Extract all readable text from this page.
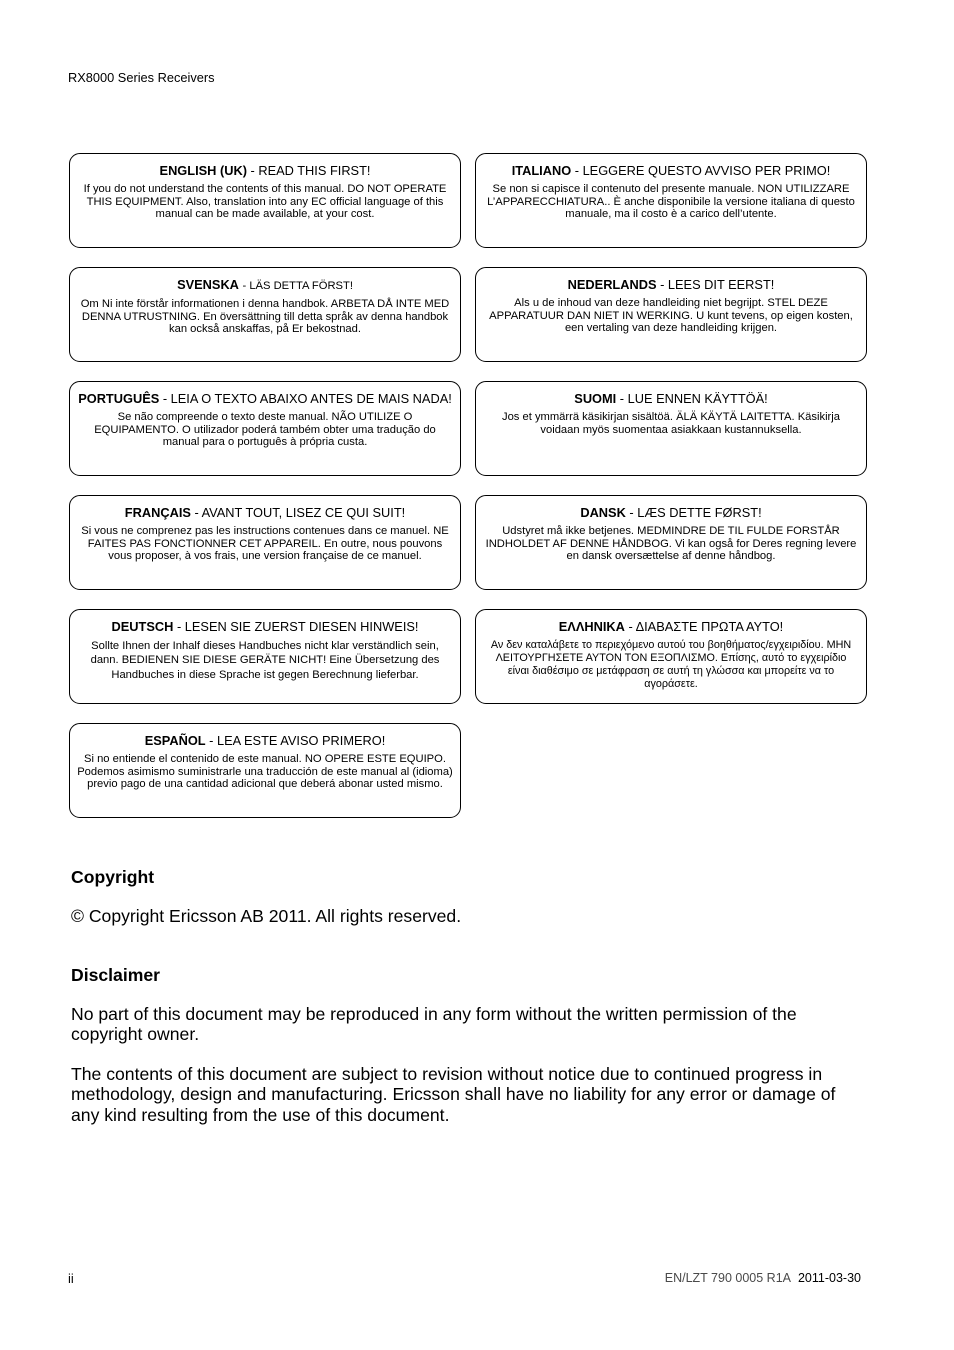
RX8000 Series Receivers
ENGLISH (UK) - READ THIS FIRST!
If you do not understand the contents of this manual. DO NOT OPERATE
THIS EQUIPMENT. Also, translation into any EC official language of this
manual can be made available, at your cost.
ITALIANO - LEGGERE QUESTO AVVISO PER PRIMO!
Se non si capisce il contenuto del presente manuale. NON UTILIZZARE
L’APPARECCHIATURA.. È anche disponibile la versione italiana di questo
manuale, ma il costo è a carico dell’utente.
SVENSKA - LÄS DETTA FÖRST!
Om Ni inte förstår informationen i denna handbok. ARBETA DÅ INTE MED
DENNA UTRUSTNING. En översättning till detta språk av denna handbok
kan också anskaffas, på Er bekostnad.
NEDERLANDS - LEES DIT EERST!
Als u de inhoud van deze handleiding niet begrijpt. STEL DEZE
APPARATUUR DAN NIET IN WERKING. U kunt tevens, op eigen kosten,
een vertaling van deze handleiding krijgen.
PORTUGUÊS - LEIA O TEXTO ABAIXO ANTES DE MAIS NADA!
Se não compreende o texto deste manual. NÃO UTILIZE O
EQUIPAMENTO. O utilizador poderá também obter uma tradução do
manual para o português à própria custa.
SUOMI - LUE ENNEN KÄYTTÖÄ!
Jos et ymmärrä käsikirjan sisältöä. ÄLÄ KÄYTÄ LAITETTA. Käsikirja
voidaan myös suomentaa asiakkaan kustannuksella.
FRANÇAIS - AVANT TOUT, LISEZ CE QUI SUIT!
Si vous ne comprenez pas les instructions contenues dans ce manuel. NE
FAITES PAS FONCTIONNER CET APPAREIL. En outre, nous pouvons
vous proposer, à vos frais, une version française de ce manuel.
DANSK - LÆS DETTE FØRST!
Udstyret må ikke betjenes. MEDMINDRE DE TIL FULDE FORSTÅR
INDHOLDET AF DENNE HÅNDBOG. Vi kan også for Deres regning levere
en dansk oversættelse af denne håndbog.
DEUTSCH - LESEN SIE ZUERST DIESEN HINWEIS!
Sollte Ihnen der Inhalf dieses Handbuches nicht klar verständlich sein,
dann. BEDIENEN SIE DIESE GERÄTE NICHT! Eine Übersetzung des
Handbuches in diese Sprache ist gegen Berechnung lieferbar.
ΕΛΛΗΝΙΚΑ - ΔΙΑΒΑΣΤΕ ΠΡΩΤΑ ΑΥΤΟ!
Αν δεν καταλάβετε το περιεχόμενο αυτού του βοηθήματος/εγχειριδίου. ΜΗΝ
ΛΕΙΤΟΥΡΓΗΣΕΤΕ ΑΥΤΟΝ ΤΟΝ ΕΞΟΠΛΙΣΜΟ. Επίσης, αυτό το εγχειρίδιο
είναι διαθέσιμο σε μετάφραση σε αυτή τη γλώσσα και μπορείτε να το
αγοράσετε.
ESPAÑOL - LEA ESTE AVISO PRIMERO!
Si no entiende el contenido de este manual. NO OPERE ESTE EQUIPO.
Podemos asimismo suministrarle una traducción de este manual al (idioma)
previo pago de una cantidad adicional que deberá abonar usted mismo.
Copyright
© Copyright Ericsson AB 2011. All rights reserved.
Disclaimer
No part of this document may be reproduced in any form without the written permission of the
copyright owner.
The contents of this document are subject to revision without notice due to continued progress in
methodology, design and manufacturing. Ericsson shall have no liability for any error or damage of
any kind resulting from the use of this document.
ii	EN/LZT 790 0005 R1A 2011-03-30
